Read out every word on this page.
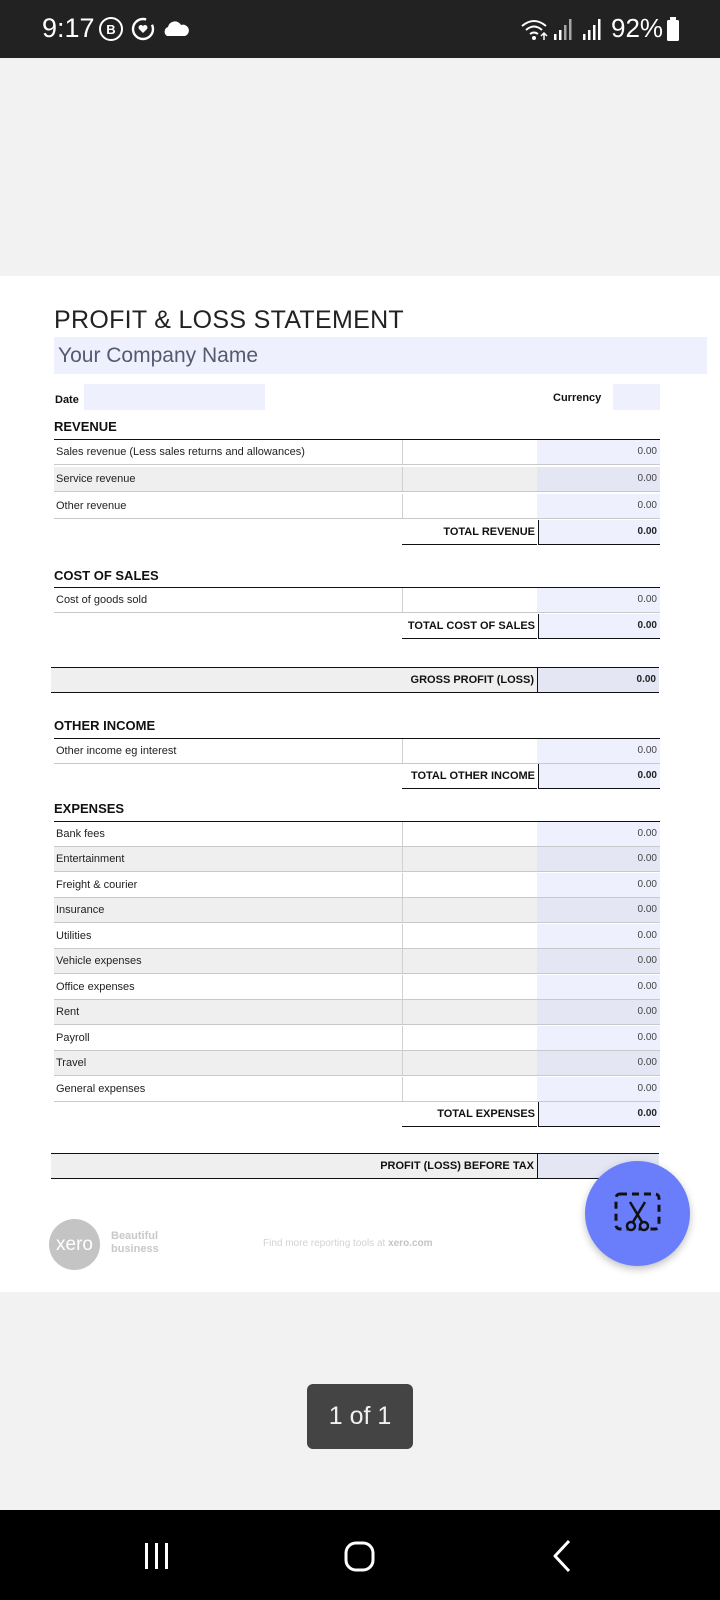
9:17 B	92%
PROFIT & LOSS STATEMENT
Your Company Name
Date	Currency
REVENUE
Sales revenue (Less sales returns and allowances)	0.00
Service revenue	0.00
Other revenue	0.00
TOTAL REVENUE	0.00
COST OF SALES
Cost of goods sold	0.00
TOTAL COST OF SALES	0.00
GROSS PROFIT (LOSS)	0.00
OTHER INCOME
Other income eg interest	0.00
TOTAL OTHER INCOME	0.00
EXPENSES
Bank fees	0.00
Entertainment	0.00
Freight & courier	0.00
Insurance	0.00
Utilities	0.00
Vehicle expenses	0.00
Office expenses	0.00
Rent	0.00
Payroll	0.00
Travel	0.00
General expenses	0.00
TOTAL EXPENSES	0.00
PROFIT (LOSS) BEFORE TAX
xero	Beautiful
business	Find more reporting tools at xero.com
1 of 1
